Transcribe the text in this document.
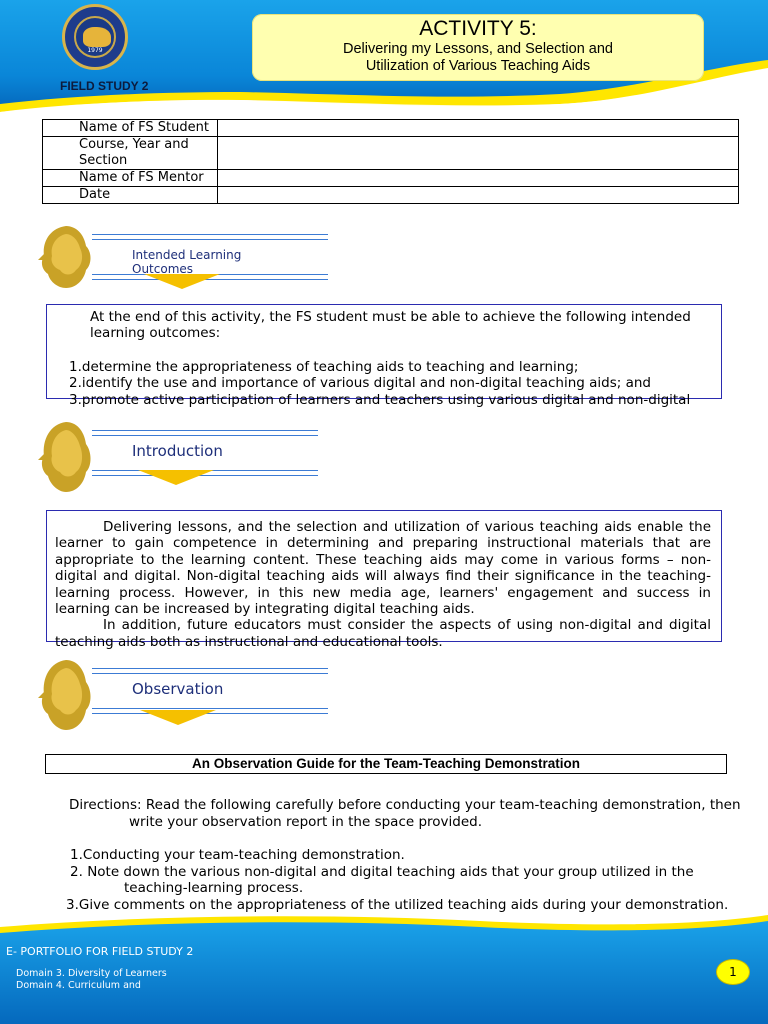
1979
FIELD STUDY 2
ACTIVITY 5:
Delivering my Lessons, and Selection and
Utilization of Various Teaching Aids
Name of FS Student	
Course, Year and Section	
Name of FS Mentor	
Date	
Intended Learning Outcomes

At the end of this activity, the FS student must be able to achieve the following intended learning outcomes:

1.determine the appropriateness of teaching aids to teaching and learning;
2.identify the use and importance of various digital and non-digital teaching aids; and
3.promote active participation of learners and teachers using various digital and non-digital
Introduction

Delivering lessons, and the selection and utilization of various teaching aids enable the learner to gain competence in determining and preparing instructional materials that are appropriate to the learning content. These teaching aids may come in various forms – non-digital and digital. Non-digital teaching aids will always find their significance in the teaching-learning process. However, in this new media age, learners' engagement and success in learning can be increased by integrating digital teaching aids.

In addition, future educators must consider the aspects of using non-digital and digital teaching aids both as instructional and educational tools.

Observation
An Observation Guide for the Team-Teaching Demonstration
Directions: Read the following carefully before conducting your team-teaching demonstration, then
write your observation report in the space provided.
1.Conducting your team-teaching demonstration.
2. Note down the various non-digital and digital teaching aids that your group utilized in the
teaching-learning process.
3.Give comments on the appropriateness of the utilized teaching aids during your demonstration.
E- PORTFOLIO FOR FIELD STUDY 2
Domain 3. Diversity of Learners
Domain 4. Curriculum and
1
